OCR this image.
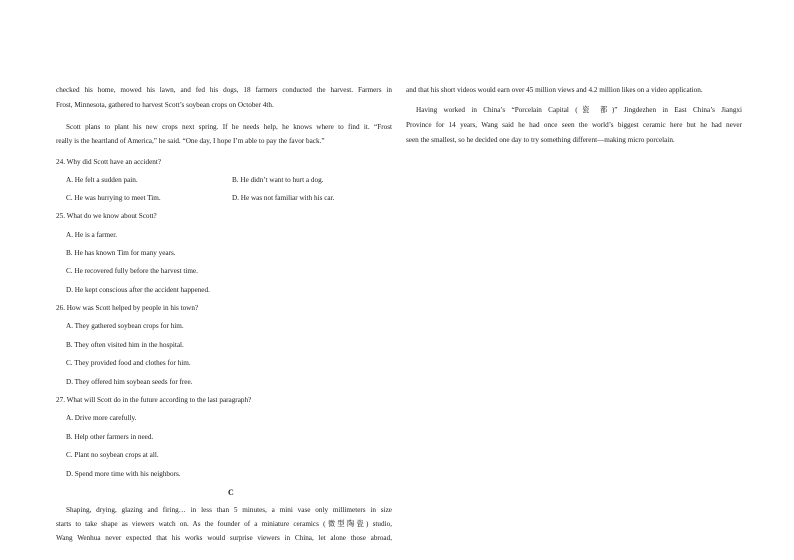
checked his home, mowed his lawn, and fed his dogs, 18 farmers conducted the harvest. Farmers in
Frost, Minnesota, gathered to harvest Scott’s soybean crops on October 4th.
Scott plans to plant his new crops next spring. If he needs help, he knows where to find it. “Frost
really is the heartland of America,” he said. “One day, I hope I’m able to pay the favor back.”
24. Why did Scott have an accident?
A. He felt a sudden pain.	B. He didn’t want to hurt a dog.
C. He was hurrying to meet Tim.	D. He was not familiar with his car.
25. What do we know about Scott?
A. He is a farmer.
B. He has known Tim for many years.
C. He recovered fully before the harvest time.
D. He kept conscious after the accident happened.
26. How was Scott helped by people in his town?
A. They gathered soybean crops for him.
B. They often visited him in the hospital.
C. They provided food and clothes for him.
D. They offered him soybean seeds for free.
27. What will Scott do in the future according to the last paragraph?
A. Drive more carefully.
B. Help other farmers in need.
C. Plant no soybean crops at all.
D. Spend more time with his neighbors.
C
Shaping, drying, glazing and firing… in less than 5 minutes, a mini vase only millimeters in size
starts to take shape as viewers watch on. As the founder of a miniature ceramics (微型陶瓷) studio,
Wang Wenhua never expected that his works would surprise viewers in China, let alone those abroad,
and that his short videos would earn over 45 million views and 4.2 million likes on a video application.
Having worked in China’s “Porcelain Capital (瓷 都)” Jingdezhen in East China’s Jiangxi
Province for 14 years, Wang said he had once seen the world’s biggest ceramic here but he had never
seen the smallest, so he decided one day to try something different—making micro porcelain.
